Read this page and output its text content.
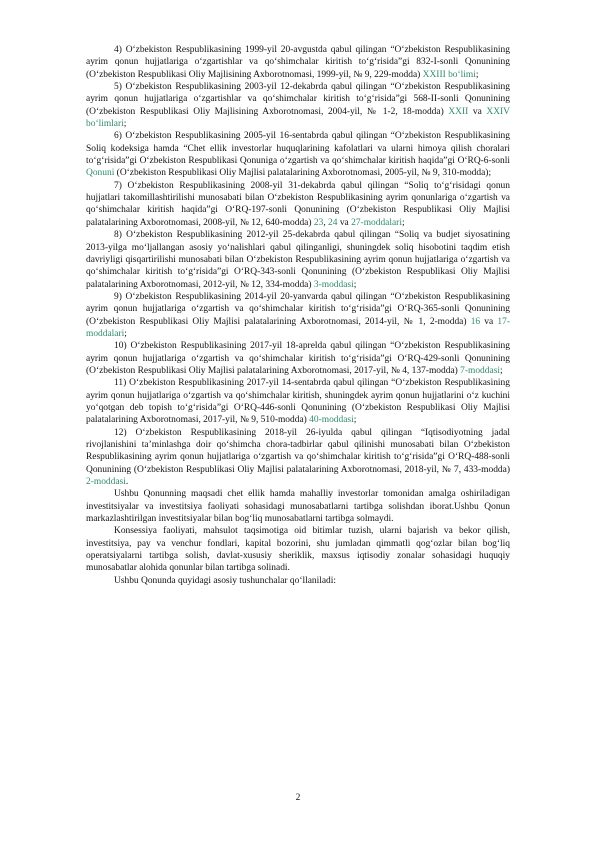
4) O‘zbekiston Respublikasining 1999-yil 20-avgustda qabul qilingan “O‘zbekiston Respublikasining ayrim qonun hujjatlariga o‘zgartishlar va qo‘shimchalar kiritish to‘g‘risida”gi 832-I-sonli Qonunining (O‘zbekiston Respublikasi Oliy Majlisining Axborotnomasi, 1999-yil, № 9, 229-modda) XXIII bo‘limi;

5) O‘zbekiston Respublikasining 2003-yil 12-dekabrda qabul qilingan “O‘zbekiston Respublikasining ayrim qonun hujjatlariga o‘zgartishlar va qo‘shimchalar kiritish to‘g‘risida”gi 568-II-sonli Qonunining (O‘zbekiston Respublikasi Oliy Majlisining Axborotnomasi, 2004-yil, № 1-2, 18-modda) XXII va XXIV bo‘limlari;

6) O‘zbekiston Respublikasining 2005-yil 16-sentabrda qabul qilingan “O‘zbekiston Respublikasining Soliq kodeksiga hamda “Chet ellik investorlar huquqlarining kafolatlari va ularni himoya qilish choralari to‘g‘risida”gi O‘zbekiston Respublikasi Qonuniga o‘zgartish va qo‘shimchalar kiritish haqida”gi O‘RQ-6-sonli Qonuni (O‘zbekiston Respublikasi Oliy Majlisi palatalarining Axborotnomasi, 2005-yil, № 9, 310-modda);

7) O‘zbekiston Respublikasining 2008-yil 31-dekabrda qabul qilingan “Soliq to‘g‘risidagi qonun hujjatlari takomillashtirilishi munosabati bilan O‘zbekiston Respublikasining ayrim qonunlariga o‘zgartish va qo‘shimchalar kiritish haqida”gi O‘RQ-197-sonli Qonunining (O‘zbekiston Respublikasi Oliy Majlisi palatalarining Axborotnomasi, 2008-yil, № 12, 640-modda) 23, 24 va 27-moddalari;

8) O‘zbekiston Respublikasining 2012-yil 25-dekabrda qabul qilingan “Soliq va budjet siyosatining 2013-yilga mo‘ljallangan asosiy yo‘nalishlari qabul qilinganligi, shuningdek soliq hisobotini taqdim etish davriyligi qisqartirilishi munosabati bilan O‘zbekiston Respublikasining ayrim qonun hujjatlariga o‘zgartish va qo‘shimchalar kiritish to‘g‘risida”gi O‘RQ-343-sonli Qonunining (O‘zbekiston Respublikasi Oliy Majlisi palatalarining Axborotnomasi, 2012-yil, № 12, 334-modda) 3-moddasi;

9) O‘zbekiston Respublikasining 2014-yil 20-yanvarda qabul qilingan “O‘zbekiston Respublikasining ayrim qonun hujjatlariga o‘zgartish va qo‘shimchalar kiritish to‘g‘risida”gi O‘RQ-365-sonli Qonunining (O‘zbekiston Respublikasi Oliy Majlisi palatalarining Axborotnomasi, 2014-yil, № 1, 2-modda) 16 va 17-moddalari;

10) O‘zbekiston Respublikasining 2017-yil 18-aprelda qabul qilingan “O‘zbekiston Respublikasining ayrim qonun hujjatlariga o‘zgartish va qo‘shimchalar kiritish to‘g‘risida”gi O‘RQ-429-sonli Qonunining (O‘zbekiston Respublikasi Oliy Majlisi palatalarining Axborotnomasi, 2017-yil, № 4, 137-modda) 7-moddasi;

11) O‘zbekiston Respublikasining 2017-yil 14-sentabrda qabul qilingan “O‘zbekiston Respublikasining ayrim qonun hujjatlariga o‘zgartish va qo‘shimchalar kiritish, shuningdek ayrim qonun hujjatlarini o‘z kuchini yo‘qotgan deb topish to‘g‘risida”gi O‘RQ-446-sonli Qonunining (O‘zbekiston Respublikasi Oliy Majlisi palatalarining Axborotnomasi, 2017-yil, № 9, 510-modda) 40-moddasi;

12) O‘zbekiston Respublikasining 2018-yil 26-iyulda qabul qilingan “Iqtisodiyotning jadal rivojlanishini ta’minlashga doir qo‘shimcha chora-tadbirlar qabul qilinishi munosabati bilan O‘zbekiston Respublikasining ayrim qonun hujjatlariga o‘zgartish va qo‘shimchalar kiritish to‘g‘risida”gi O‘RQ-488-sonli Qonunining (O‘zbekiston Respublikasi Oliy Majlisi palatalarining Axborotnomasi, 2018-yil, № 7, 433-modda) 2-moddasi.

Ushbu Qonunning maqsadi chet ellik hamda mahalliy investorlar tomonidan amalga oshiriladigan investitsiyalar va investitsiya faoliyati sohasidagi munosabatlarni tartibga solishdan iborat.Ushbu Qonun markazlashtirilgan investitsiyalar bilan bog‘liq munosabatlarni tartibga solmaydi.

Konsessiya faoliyati, mahsulot taqsimotiga oid bitimlar tuzish, ularni bajarish va bekor qilish, investitsiya, pay va venchur fondlari, kapital bozorini, shu jumladan qimmatli qog‘ozlar bilan bog‘liq operatsiyalarni tartibga solish, davlat-xususiy sheriklik, maxsus iqtisodiy zonalar sohasidagi huquqiy munosabatlar alohida qonunlar bilan tartibga solinadi.

Ushbu Qonunda quyidagi asosiy tushunchalar qo‘llaniladi:

2
